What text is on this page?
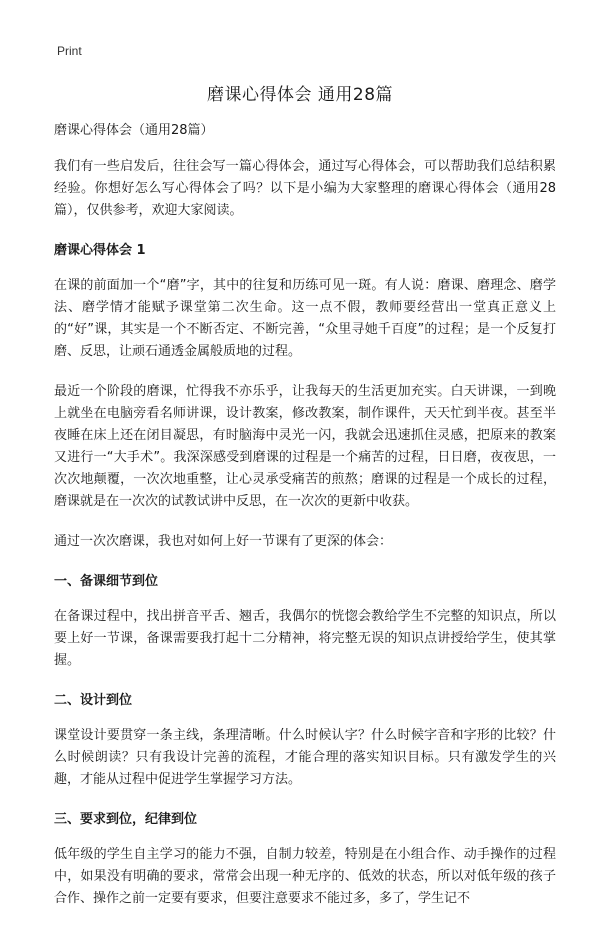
Print
磨课心得体会 通用28篇

磨课心得体会（通用28篇）

我们有一些启发后，往往会写一篇心得体会，通过写心得体会，可以帮助我们总结积累经验。你想好怎么写心得体会了吗？以下是小编为大家整理的磨课心得体会（通用28篇），仅供参考，欢迎大家阅读。

磨课心得体会 1

在课的前面加一个“磨”字，其中的往复和历练可见一斑。有人说：磨课、磨理念、磨学法、磨学情才能赋予课堂第二次生命。这一点不假，教师要经营出一堂真正意义上的“好”课，其实是一个不断否定、不断完善，“众里寻她千百度”的过程；是一个反复打磨、反思，让顽石通透金属般质地的过程。

最近一个阶段的磨课，忙得我不亦乐乎，让我每天的生活更加充实。白天讲课，一到晚上就坐在电脑旁看名师讲课，设计教案，修改教案，制作课件，天天忙到半夜。甚至半夜睡在床上还在闭目凝思，有时脑海中灵光一闪，我就会迅速抓住灵感，把原来的教案又进行一“大手术”。我深深感受到磨课的过程是一个痛苦的过程，日日磨，夜夜思，一次次地颠覆，一次次地重整，让心灵承受痛苦的煎熬；磨课的过程是一个成长的过程，磨课就是在一次次的试教试讲中反思，在一次次的更新中收获。

通过一次次磨课，我也对如何上好一节课有了更深的体会：

一、备课细节到位

在备课过程中，找出拼音平舌、翘舌，我偶尔的恍惚会教给学生不完整的知识点，所以要上好一节课，备课需要我打起十二分精神，将完整无误的知识点讲授给学生，使其掌握。

二、设计到位

课堂设计要贯穿一条主线，条理清晰。什么时候认字？什么时候字音和字形的比较？什么时候朗读？只有我设计完善的流程，才能合理的落实知识目标。只有激发学生的兴趣，才能从过程中促进学生掌握学习方法。

三、要求到位，纪律到位

低年级的学生自主学习的能力不强，自制力较差，特别是在小组合作、动手操作的过程中，如果没有明确的要求，常常会出现一种无序的、低效的状态，所以对低年级的孩子合作、操作之前一定要有要求，但要注意要求不能过多，多了，学生记不
